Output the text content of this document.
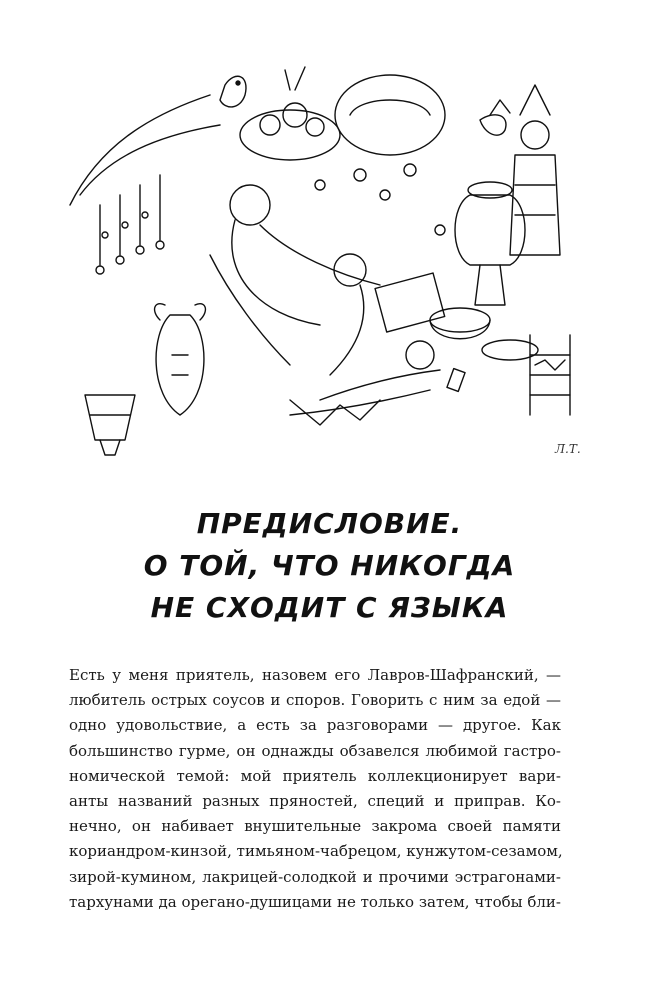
Л.Т.
ПРЕДИСЛОВИЕ.
О ТОЙ, ЧТО НИКОГДА
НЕ СХОДИТ С ЯЗЫКА
Есть у меня приятель, назовем его Лавров-Шафранский, —
любитель острых соусов и споров. Говорить с ним за едой —
одно удовольствие, а есть за разговорами — другое. Как
большинство гурме, он однажды обзавелся любимой гастро-
номической темой: мой приятель коллекционирует вари-
анты названий разных пряностей, специй и приправ. Ко-
нечно, он набивает внушительные закрома своей памяти
кориандром-кинзой, тимьяном-чабрецом, кунжутом-сезамом,
зирой-кумином, лакрицей-солодкой и прочими эстрагонами-
тархунами да орегано-душицами не только затем, чтобы бли-
